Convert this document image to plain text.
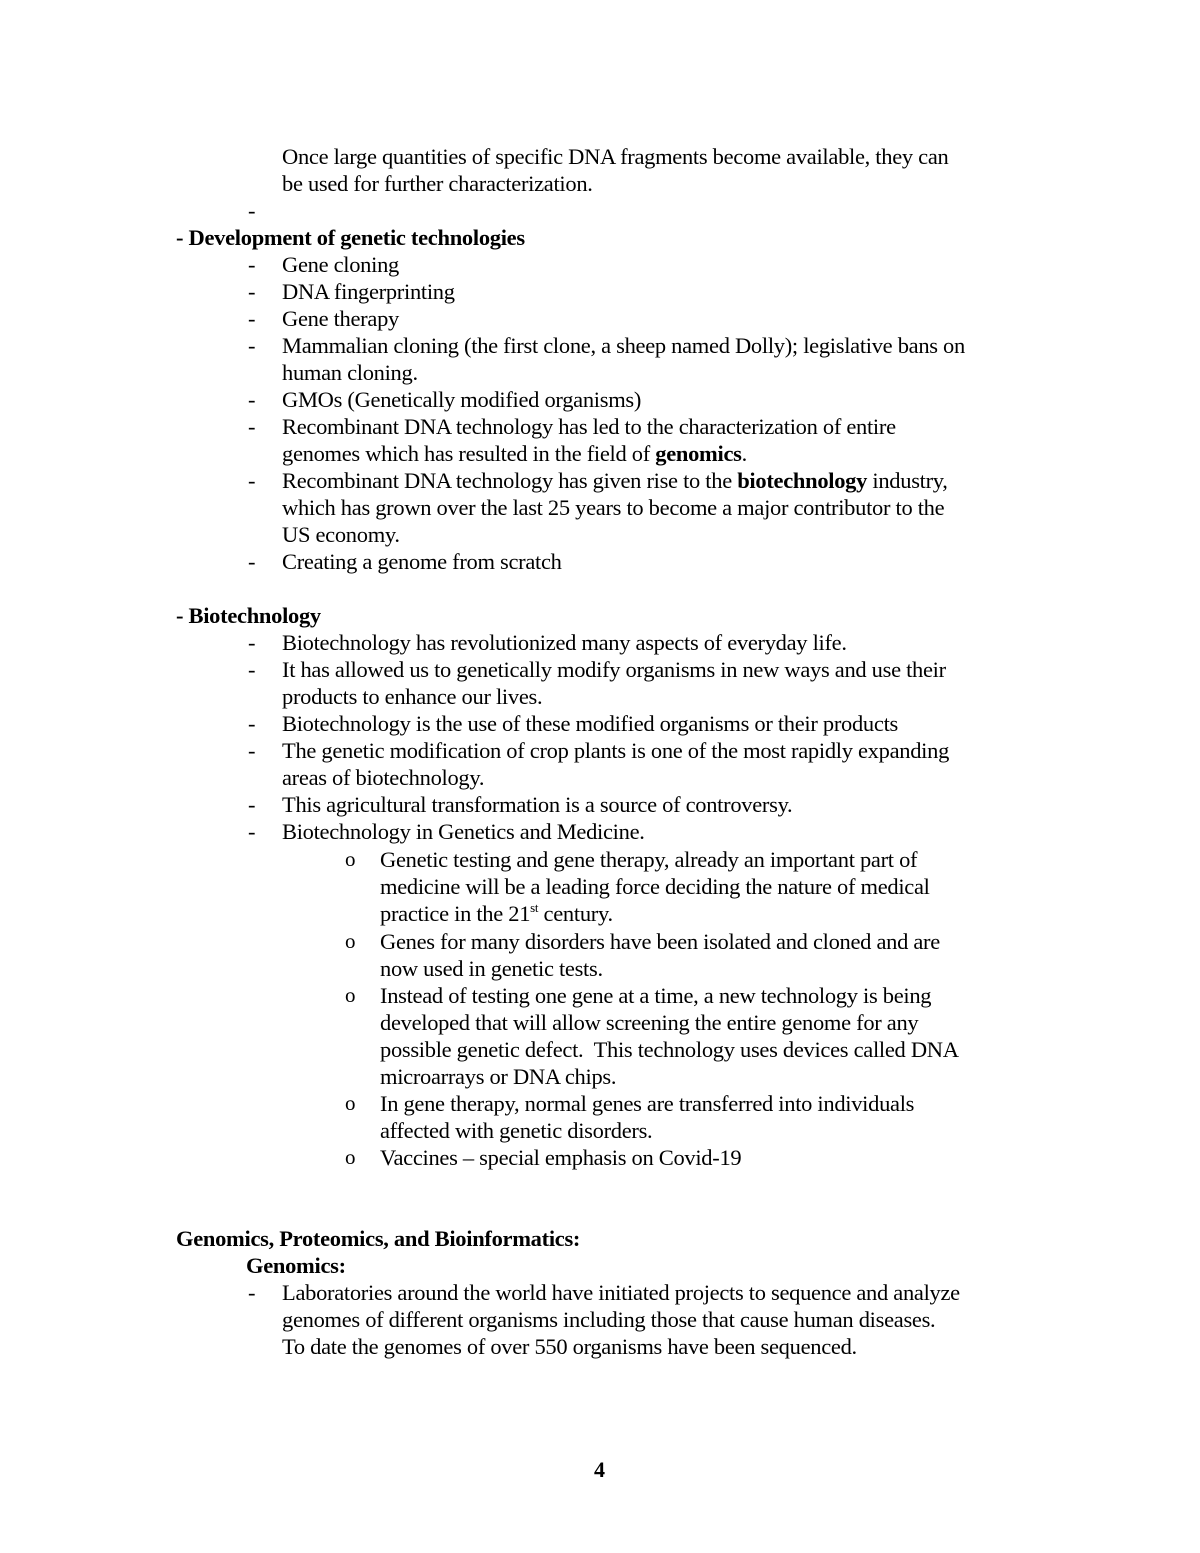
Once large quantities of specific DNA fragments become available, they can
be used for further characterization.
-
- Development of genetic technologies
- Gene cloning
- DNA fingerprinting
- Gene therapy
- Mammalian cloning (the first clone, a sheep named Dolly); legislative bans on
human cloning.
- GMOs (Genetically modified organisms)
- Recombinant DNA technology has led to the characterization of entire
genomes which has resulted in the field of genomics.
- Recombinant DNA technology has given rise to the biotechnology industry,
which has grown over the last 25 years to become a major contributor to the
US economy.
- Creating a genome from scratch
- Biotechnology
- Biotechnology has revolutionized many aspects of everyday life.
- It has allowed us to genetically modify organisms in new ways and use their
products to enhance our lives.
- Biotechnology is the use of these modified organisms or their products
- The genetic modification of crop plants is one of the most rapidly expanding
areas of biotechnology.
- This agricultural transformation is a source of controversy.
- Biotechnology in Genetics and Medicine.
o Genetic testing and gene therapy, already an important part of
medicine will be a leading force deciding the nature of medical
practice in the 21st century.
o Genes for many disorders have been isolated and cloned and are
now used in genetic tests.
o Instead of testing one gene at a time, a new technology is being
developed that will allow screening the entire genome for any
possible genetic defect.  This technology uses devices called DNA
microarrays or DNA chips.
o In gene therapy, normal genes are transferred into individuals
affected with genetic disorders.
o Vaccines – special emphasis on Covid-19
Genomics, Proteomics, and Bioinformatics:
Genomics:
- Laboratories around the world have initiated projects to sequence and analyze
genomes of different organisms including those that cause human diseases.
To date the genomes of over 550 organisms have been sequenced.
4
